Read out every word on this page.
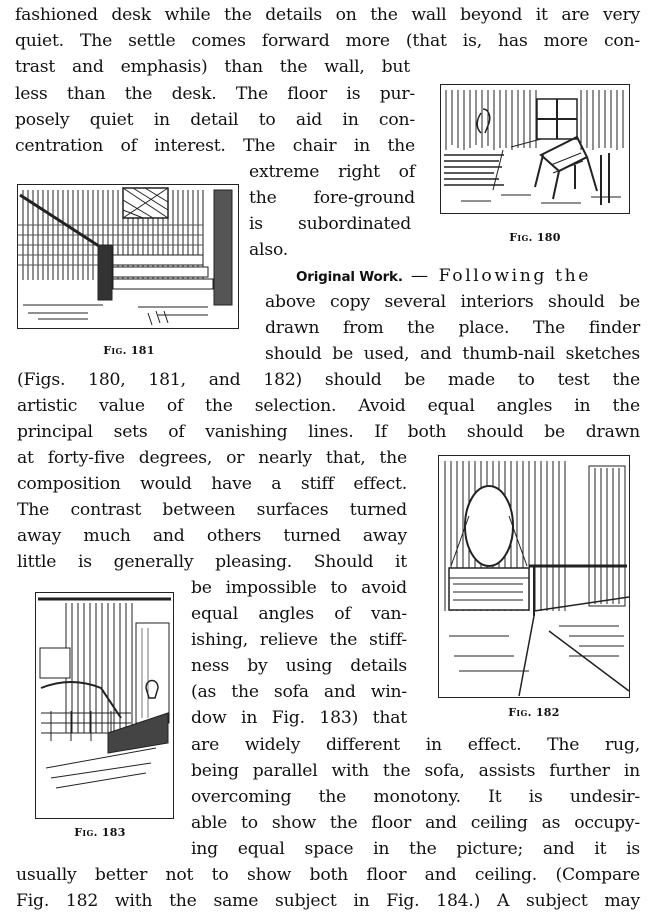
fashioned desk while the details on the wall beyond it are very
quiet. The settle comes forward more (that is, has more con-
trast and emphasis) than the wall, but
less than the desk. The floor is pur-
posely quiet in detail to aid in con-
centration of interest. The chair in the
extreme right of
the fore-ground
is subordinated
also.
Original Work. — Following the
above copy several interiors should be
drawn from the place. The finder
should be used, and thumb-nail sketches
(Figs. 180, 181, and 182) should be made to test the
artistic value of the selection. Avoid equal angles in the
principal sets of vanishing lines. If both should be drawn
at forty-five degrees, or nearly that, the
composition would have a stiff effect.
The contrast between surfaces turned
away much and others turned away
little is generally pleasing. Should it
be impossible to avoid
equal angles of van-
ishing, relieve the stiff-
ness by using details
(as the sofa and win-
dow in Fig. 183) that
are widely different in effect. The rug,
being parallel with the sofa, assists further in
overcoming the monotony. It is undesir-
able to show the floor and ceiling as occupy-
ing equal space in the picture; and it is
usually better not to show both floor and ceiling. (Compare
Fig. 182 with the same subject in Fig. 184.) A subject may
Fig. 180
Fig. 181
Fig. 182
Fig. 183
